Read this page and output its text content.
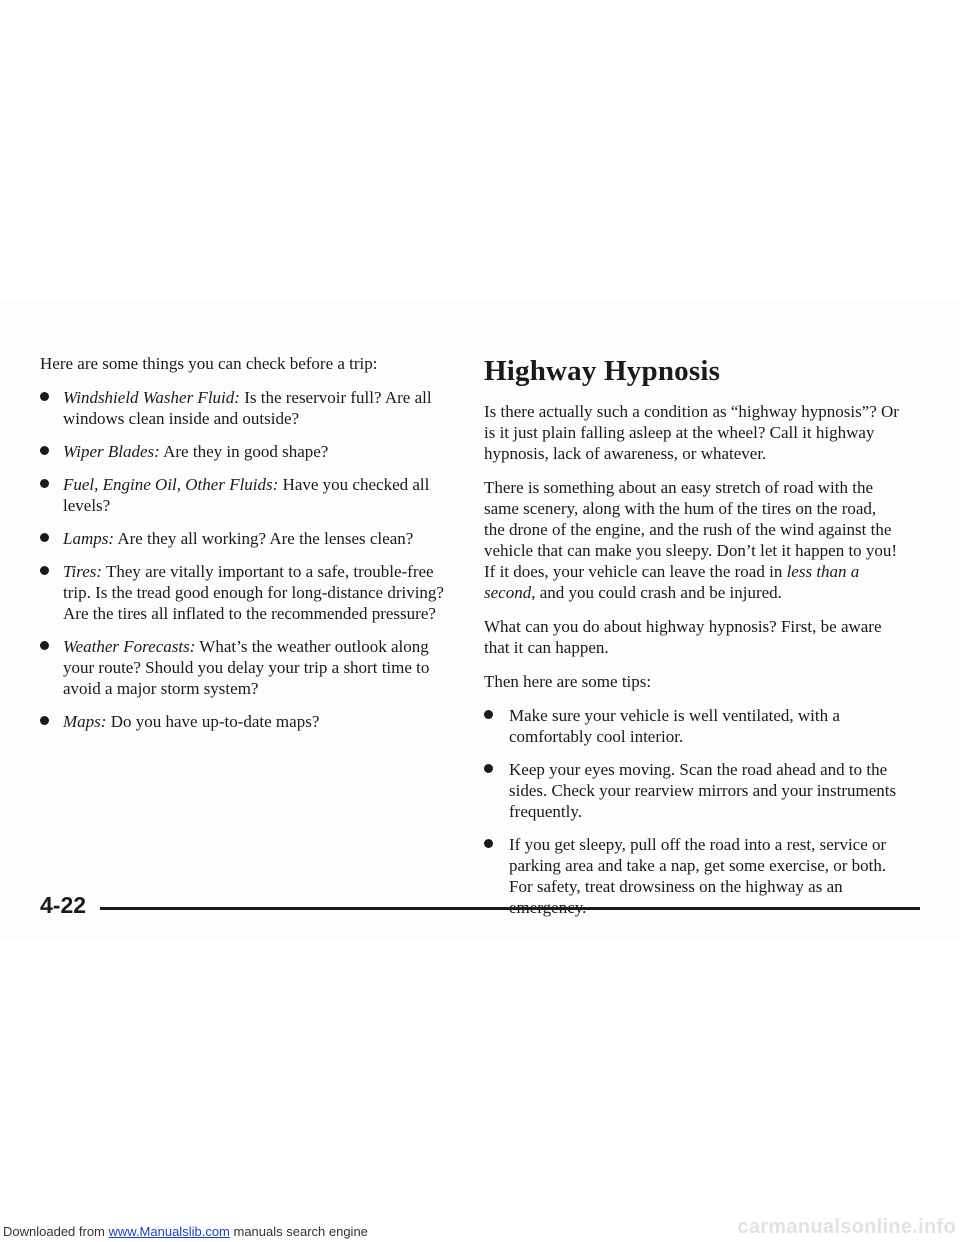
Here are some things you can check before a trip:

Windshield Washer Fluid: Is the reservoir full? Are all windows clean inside and outside?
Wiper Blades: Are they in good shape?
Fuel, Engine Oil, Other Fluids: Have you checked all levels?
Lamps: Are they all working? Are the lenses clean?
Tires: They are vitally important to a safe, trouble-free trip. Is the tread good enough for long-distance driving? Are the tires all inflated to the recommended pressure?
Weather Forecasts: What’s the weather outlook along your route? Should you delay your trip a short time to avoid a major storm system?
Maps: Do you have up-to-date maps?
Highway Hypnosis

Is there actually such a condition as “highway hypnosis”? Or is it just plain falling asleep at the wheel? Call it highway hypnosis, lack of awareness, or whatever.

There is something about an easy stretch of road with the same scenery, along with the hum of the tires on the road, the drone of the engine, and the rush of the wind against the vehicle that can make you sleepy. Don’t let it happen to you! If it does, your vehicle can leave the road in less than a second, and you could crash and be injured.

What can you do about highway hypnosis? First, be aware that it can happen.

Then here are some tips:

Make sure your vehicle is well ventilated, with a comfortably cool interior.
Keep your eyes moving. Scan the road ahead and to the sides. Check your rearview mirrors and your instruments frequently.
If you get sleepy, pull off the road into a rest, service or parking area and take a nap, get some exercise, or both. For safety, treat drowsiness on the highway as an
4-22
Downloaded from www.Manualslib.com manuals search engine	carmanualsonline.info
